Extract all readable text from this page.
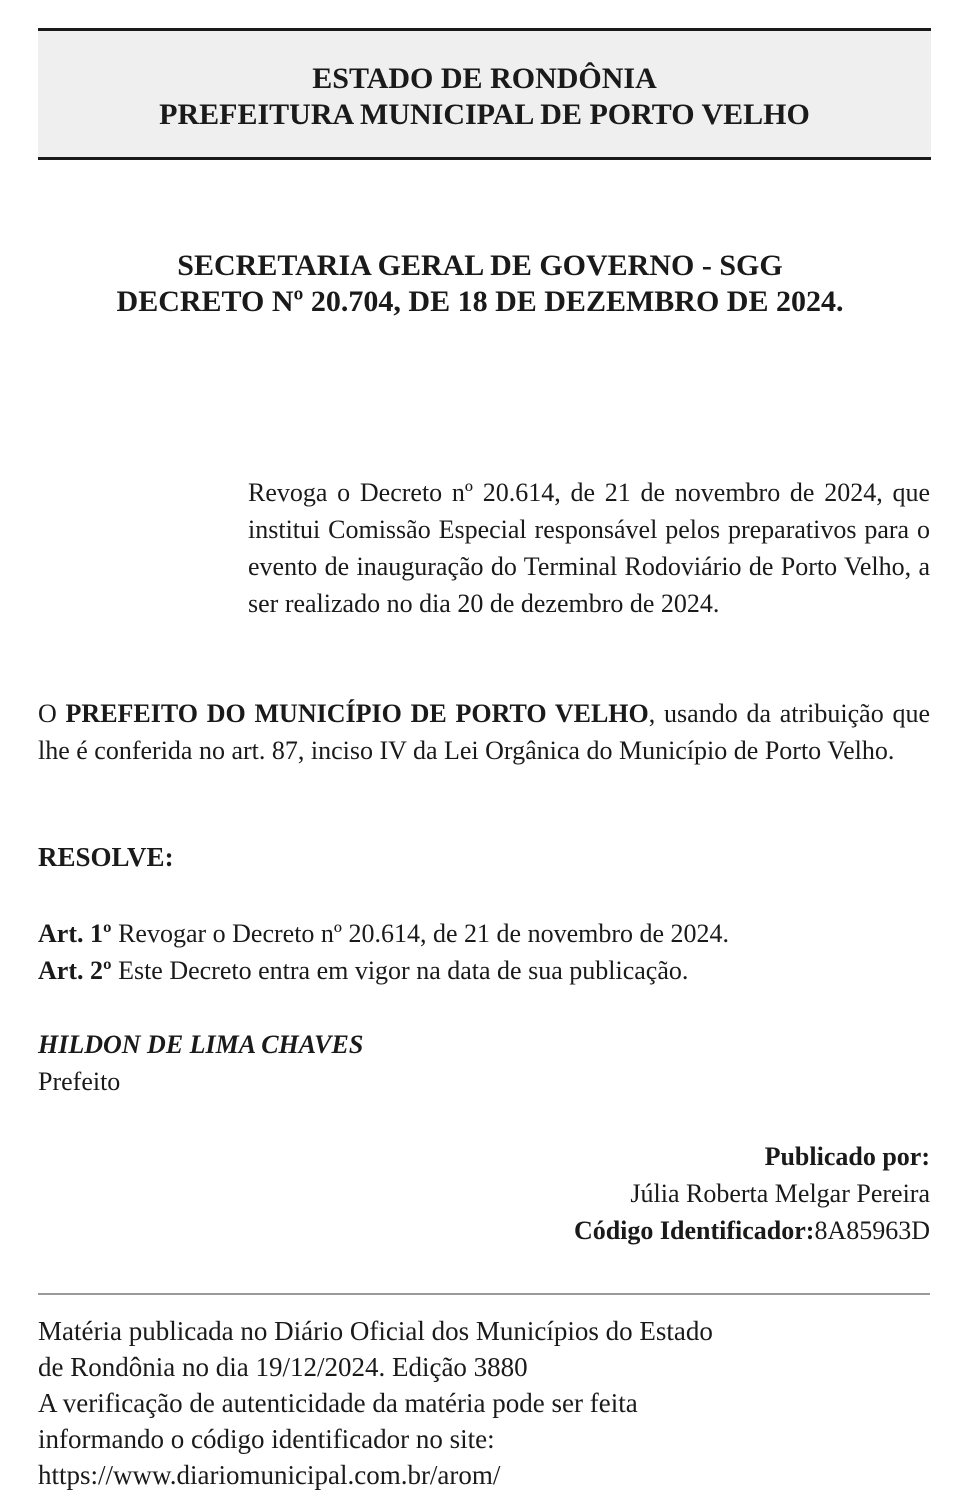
ESTADO DE RONDÔNIA
PREFEITURA MUNICIPAL DE PORTO VELHO
SECRETARIA GERAL DE GOVERNO - SGG
DECRETO Nº 20.704, DE 18 DE DEZEMBRO DE 2024.
Revoga o Decreto nº 20.614, de 21 de novembro de 2024, que institui Comissão Especial responsável pelos preparativos para o evento de inauguração do Terminal Rodoviário de Porto Velho, a ser realizado no dia 20 de dezembro de 2024.
O PREFEITO DO MUNICÍPIO DE PORTO VELHO, usando da atribuição que lhe é conferida no art. 87, inciso IV da Lei Orgânica do Município de Porto Velho.
RESOLVE:
Art. 1º Revogar o Decreto nº 20.614, de 21 de novembro de 2024.
Art. 2º Este Decreto entra em vigor na data de sua publicação.
HILDON DE LIMA CHAVES
Prefeito
Publicado por:
Júlia Roberta Melgar Pereira
Código Identificador:8A85963D
Matéria publicada no Diário Oficial dos Municípios do Estado
de Rondônia no dia 19/12/2024. Edição 3880
A verificação de autenticidade da matéria pode ser feita
informando o código identificador no site:
https://www.diariomunicipal.com.br/arom/
